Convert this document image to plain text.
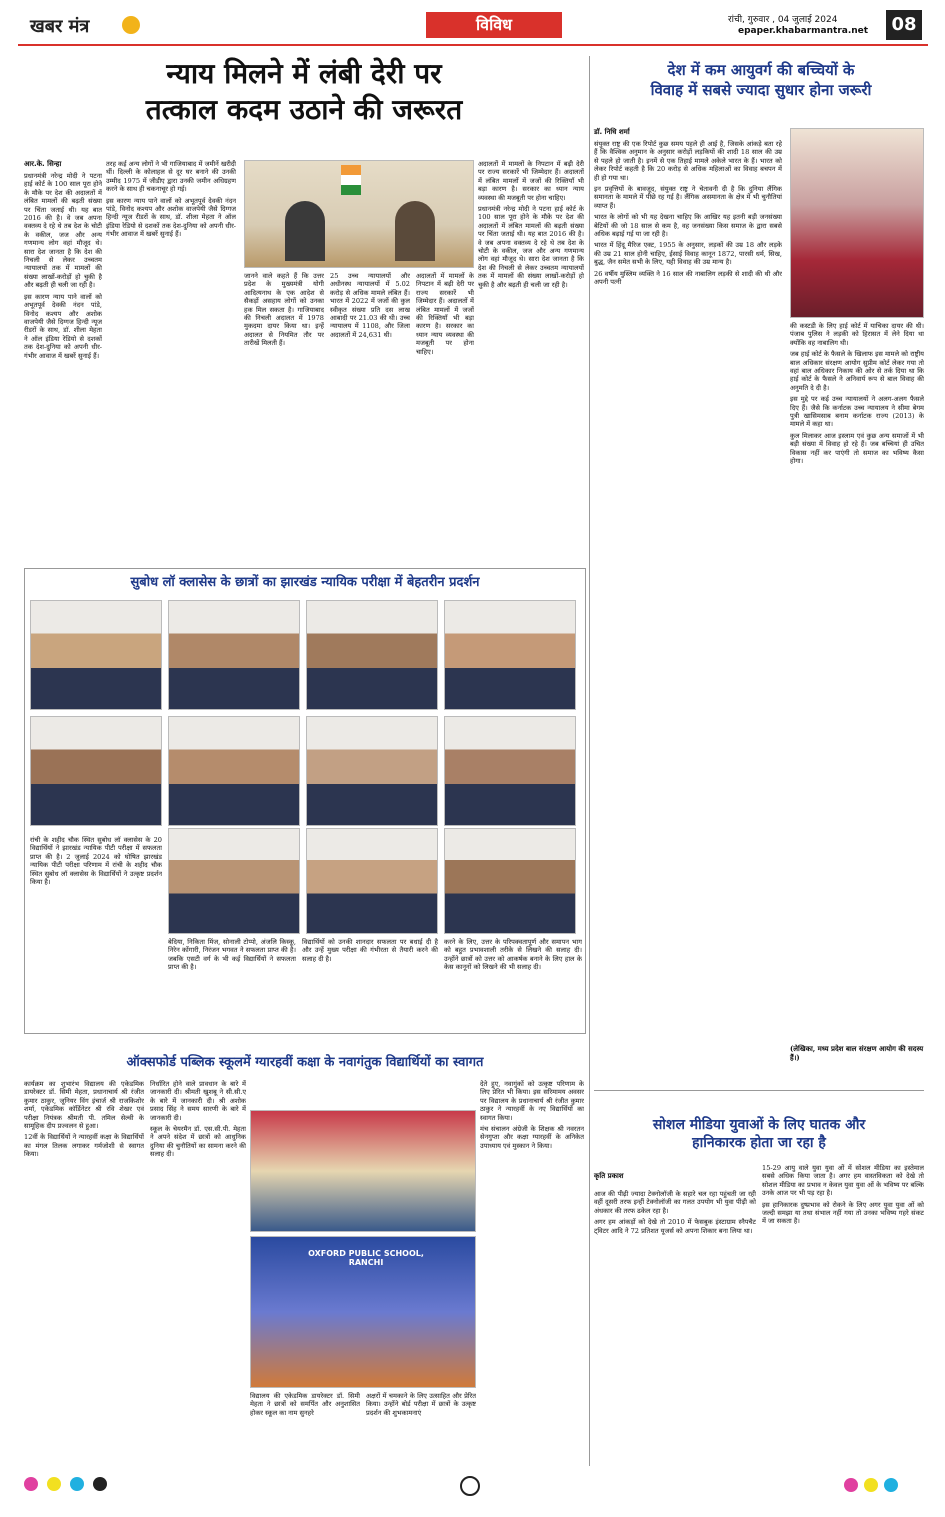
खबर मंत्र	विविध	रांची, गुरुवार , 04 जुलाई 2024
epaper.khabarmantra.net	08
न्याय मिलने में लंबी देरी पर
तत्काल कदम उठाने की जरूरत
देश में कम आयुवर्ग की बच्चियों के
विवाह में सबसे ज्यादा सुधार होना जरूरी
आर.के. सिन्हा

प्रधानमंत्री नरेन्द्र मोदी ने पटना हाई कोर्ट के 100 साल पूरा होने के मौके पर देश की अदालतों में लंबित मामलों की बढ़ती संख्या पर चिंता जताई थी। यह बात 2016 की है। वे जब अपना वक्तव्य दे रहे थे तब देश के चोटी के वकील, जज और अन्य गणमान्य लोग वहां मौजूद थे। सारा देश जानता है कि देश की निचली से लेकर उच्चतम न्यायालयों तक में मामलों की संख्या लाखों-करोड़ों हो चुकी है और बढ़ती ही चली जा रही है।

इस कारण न्याय पाने वालों को अभूतपूर्व देवकी नंदन पांडे, विनोद कश्यप और अशोक वाजपेयी जैसे दिग्गज हिन्दी न्यूज रीडरों के साथ, डॉ. शीला मेहता ने ऑल इंडिया रेडियो से दशकों तक देश-दुनिया को अपनी धीर-गंभीर आवाज में खबरें सुनाई हैं।

तरह कई अन्य लोगों ने भी गाजियाबाद में जमीनें खरीदी थीं। दिल्ली के कोलाहल से दूर घर बनाने की उनकी उम्मीद 1975 में जीडीए द्वारा उनकी जमीन अधिग्रहण करने के साथ ही चकनाचूर हो गई।

इस कारण न्याय पाने वालों को अभूतपूर्व देवकी नंदन पांडे, विनोद कश्यप और अशोक वाजपेयी जैसे दिग्गज हिन्दी न्यूज रीडरों के साथ, डॉ. शीला मेहता ने ऑल इंडिया रेडियो से दशकों तक देश-दुनिया को अपनी धीर-गंभीर आवाज में खबरें सुनाई हैं।

जानने वाले कहते हैं कि उत्तर प्रदेश के मुख्यमंत्री योगी आदित्यनाथ के एक आदेश से सैकड़ों असहाय लोगों को उनका हक मिल सकता है। गाजियाबाद की निचली अदालत में 1978 मुकदमा दायर किया था। इन्हें अदालत से नियमित तौर पर तारीखें मिलती हैं।

25 उच्च न्यायालयों और अधीनस्थ न्यायालयों में 5.02 करोड़ से अधिक मामले लंबित हैं। भारत में 2022 में जजों की कुल स्वीकृत संख्या प्रति दस लाख आबादी पर 21.03 की थी। उच्च न्यायालय में 1108, और जिला अदालतों में 24,631 थी।

अदालतों में मामलों के निपटान में बढ़ी देरी पर राज्य सरकारें भी जिम्मेदार हैं। अदालतों में लंबित मामलों में जजों की रिक्तियाँ भी बड़ा कारण है। सरकार का ध्यान न्याय व्यवस्था की मजबूती पर होना चाहिए।

अदालतों में मामलों के निपटान में बढ़ी देरी पर राज्य सरकारें भी जिम्मेदार हैं। अदालतों में लंबित मामलों में जजों की रिक्तियाँ भी बड़ा कारण है। सरकार का ध्यान न्याय व्यवस्था की मजबूती पर होना चाहिए।

प्रधानमंत्री नरेन्द्र मोदी ने पटना हाई कोर्ट के 100 साल पूरा होने के मौके पर देश की अदालतों में लंबित मामलों की बढ़ती संख्या पर चिंता जताई थी। यह बात 2016 की है। वे जब अपना वक्तव्य दे रहे थे तब देश के चोटी के वकील, जज और अन्य गणमान्य लोग वहां मौजूद थे। सारा देश जानता है कि देश की निचली से लेकर उच्चतम न्यायालयों तक में मामलों की संख्या लाखों-करोड़ों हो चुकी है और बढ़ती ही चली जा रही है।

डॉ. निधि शर्मा

संयुक्त राष्ट्र की एक रिपोर्ट कुछ समय पहले ही आई है, जिसके आंकड़े बता रहे हैं कि वैश्विक अनुमान के अनुसार करोड़ों लड़कियों की शादी 18 साल की उम्र से पहले हो जाती है। इनमें से एक तिहाई मामले अकेले भारत के हैं। भारत को लेकर रिपोर्ट कहती है कि 20 करोड़ से अधिक महिलाओं का विवाह बचपन में ही हो गया था।

इन प्रवृत्तियों के बावजूद, संयुक्त राष्ट्र ने चेतावनी दी है कि दुनिया लैंगिक समानता के मामले में पीछे रह गई है। लैंगिक असमानता के क्षेत्र में भी चुनौतियां व्याप्त हैं।

भारत के लोगों को भी यह देखना चाहिए कि आखिर यह इतनी बड़ी जनसंख्या बेटियों की जो 18 साल से कम है, वह जनसंख्या किस समाज के द्वारा सबसे अधिक बढ़ाई गई या जा रही है।

भारत में हिंदू मैरिज एक्ट, 1955 के अनुसार, लड़कों की उम्र 18 और लड़के की उम्र 21 साल होनी चाहिए, ईसाई विवाह कानून 1872, पारसी धर्म, सिख, बुद्ध, जैन समेत सभी के लिए, यही विवाह की उम्र मान्य है।

26 वर्षीय मुस्लिम व्यक्ति ने 16 साल की नाबालिग लड़की से शादी की थी और अपनी पत्नी

की कस्टडी के लिए हाई कोर्ट में याचिका दायर की थी। पंजाब पुलिस ने लड़की को हिरासत में लेने दिया था क्योंकि वह नाबालिग थी।

जब हाई कोर्ट के फैसले के खिलाफ इस मामले को राष्ट्रीय बाल अधिकार संरक्षण आयोग सुप्रीम कोर्ट लेकर गया तो वहां बाल अधिकार निकाय की ओर से तर्क दिया था कि हाई कोर्ट के फैसले ने अनिवार्य रूप से बाल विवाह की अनुमति दे दी है।

इस मुद्दे पर कई उच्च न्यायालयों ने अलग-अलग फैसले दिए हैं। जैसे कि कर्नाटक उच्च न्यायालय ने सीमा बेगम पुत्री खासिमसाब बनाम कर्नाटक राज्य (2013) के मामले में कहा था।

कुल मिलाकर आज इस्लाम एवं कुछ अन्य समाजों में भी बड़ी संख्या में विवाह हो रहे हैं। जब बच्चियां ही उचित विकास नहीं कर पाएंगी तो समाज का भविष्य कैसा होगा।

(लेखिका, मध्य प्रदेश बाल संरक्षण आयोग की सदस्य हैं।)
सुबोध लॉ क्लासेस के छात्रों का झारखंड न्यायिक परीक्षा में बेहतरीन प्रदर्शन

रांची के शहीद चौक स्थित सुबोध लॉ क्लासेस के 20 विद्यार्थियों ने झारखंड न्यायिक पीटी परीक्षा में सफलता प्राप्त की है। 2 जुलाई 2024 को घोषित झारखंड न्यायिक पीटी परीक्षा परिणाम में रांची के शहीद चौक स्थित सुबोध लॉ क्लासेस के विद्यार्थियों ने उत्कृष्ट प्रदर्शन किया है।

बेदिया, निकिता मिंज, सोनाली टोप्पो, अंजलि किस्कू, निरेन कोंगारी, निरंजन भगवत ने सफलता प्राप्त की है। जबकि एसटी वर्ग के भी कई विद्यार्थियों ने सफलता प्राप्त की है।

विद्यार्थियों को उनकी शानदार सफलता पर बधाई दी है और उन्हें मुख्य परीक्षा की गंभीरता से तैयारी करने की सलाह दी है।

करने के लिए, उत्तर के परिपक्वतापूर्ण और समापन भाग को बहुत प्रभावशाली तरीके से लिखने की सलाह दी। उन्होंने छात्रों को उत्तर को आकर्षक बनाने के लिए हाल के केस कानूनों को लिखने की भी सलाह दी।

ऑक्सफोर्ड पब्लिक स्कूलमें ग्यारहवीं कक्षा के नवागंतुक विद्यार्थियों का स्वागत

कार्यक्रम का शुभारंभ विद्यालय की एकेडमिक डायरेक्टर डॉ. सिमी मेहता, प्रधानाचार्य श्री रंजीत कुमार ठाकुर, जूनियर विंग इंचार्ज श्री राजकिशोर शर्मा, एकेडमिक कॉर्डिनेटर श्री रवि शेखर एवं परीक्षा नियंत्रक श्रीमती पी. तमिल सेल्वी के सामूहिक दीप प्रज्वलन से हुआ।

12वीं के विद्यार्थियों ने न्यारहवीं कक्षा के विद्यार्थियों का मंगल तिलक लगाकर गर्मजोशी से स्वागत किया।

निर्धारित होने वाले प्रावधान के बारे में जानकारी दी। श्रीमती खुशबू ने सी.सी.ए के बारे में जानकारी दी। श्री अशोक प्रसाद सिंह ने समय सारणी के बारे में जानकारी दी।

स्कूल के चेयरमैन डॉ. एस.सी.पी. मेहता ने अपने संदेश में छात्रों को आधुनिक दुनिया की चुनौतियों का सामना करने की सलाह दी।

OXFORD PUBLIC SCHOOL, RANCHI
विद्यालय की एकेडमिक डायरेक्टर डॉ. सिमी मेहता ने छात्रों को समर्पित और अनुशासित होकर स्कूल का नाम सुनहरे
अक्षरों में चमकाने के लिए उत्साहित और प्रेरित किया। उन्होंने बोर्ड परीक्षा में छात्रों के उत्कृष्ट प्रदर्शन की शुभकामनाएं

देते हुए, नवागुंकों को उत्कृष्ट परिणाम के लिए प्रेरित भी किया। इस सरिमामय अवसर पर विद्यालय के प्रधानाचार्य श्री रंजीत कुमार ठाकुर ने न्यारहवीं के नए विद्यार्थियों का स्वागत किया।

मंच संचालन अंग्रेजी के शिक्षक श्री नवरतन सेनगुप्ता और कक्षा ग्यारहवीं के अनिकेत उपाध्याय एवं मुस्कान ने किया।

सोशल मीडिया युवाओं के लिए घातक और
हानिकारक होता जा रहा है
कृति प्रकाश

आज की पीढ़ी ज्यादा टेक्नोलॉजी के सहारे चल रहा पहुंचती जा रही वहीं दूसरी तरफ इन्हीं टेक्नोलॉजी का गलत उपयोग भी युवा पीढ़ी को अंधकार की तरफ ढकेल रहा है।

अगर हम आंकड़ों को देखे तो 2010 में फेसबुक इंस्टाग्राम स्नैपचैट ट्विटर आदि ने 72 प्रतिशत यूजर्स को अपना शिकार बना लिया था।

15-29 आयु वाले युवा युवा ओं में सोशल मीडिया का इस्तेमाल सबसे अधिक किया जाता है। अगर हम वास्तविकता को देखे तो सोशल मीडिया का प्रभाव न केवल युवा युवा ओं के भविष्य पर बल्कि उनके आज पर भी पड़ रहा है।

इस हानिकारक दुष्प्रभाव को रोकने के लिए अगर युवा युवा ओं को जल्दी समझा या तथा संभाल नहीं गया तो उनका भविष्य गहरे संकट में जा सकता है।
